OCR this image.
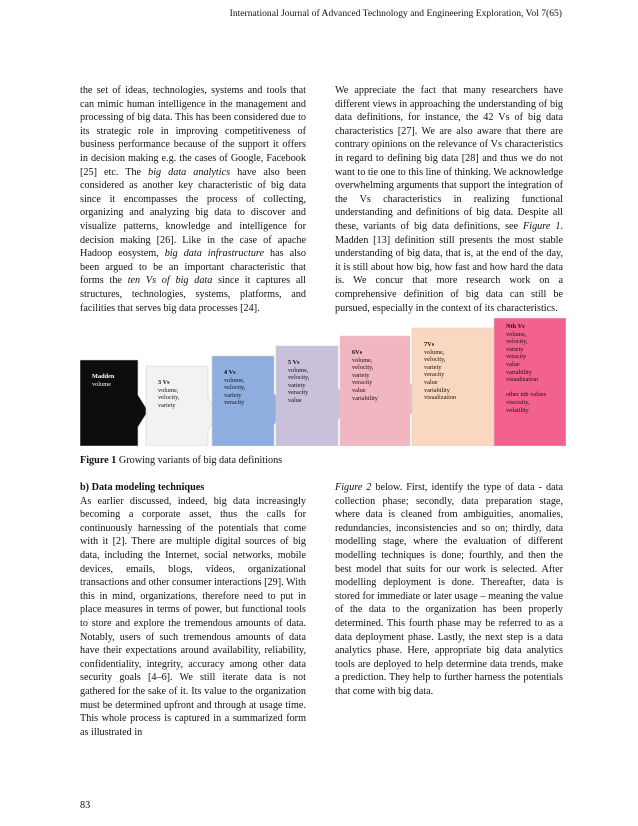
International Journal of Advanced Technology and Engineering Exploration, Vol 7(65)

the set of ideas, technologies, systems and tools that can mimic human intelligence in the management and processing of big data. This has been considered due to its strategic role in improving competitiveness of business performance because of the support it offers in decision making e.g. the cases of Google, Facebook [25] etc. The big data analytics have also been considered as another key characteristic of big data since it encompasses the process of collecting, organizing and analyzing big data to discover and visualize patterns, knowledge and intelligence for decision making [26]. Like in the case of apache Hadoop eosystem, big data infrastructure has also been argued to be an important characteristic that forms the ten Vs of big data since it captures all structures, technologies, systems, platforms, and facilities that serves big data processes [24].

We appreciate the fact that many researchers have different views in approaching the understanding of big data definitions, for instance, the 42 Vs of big data characteristics [27]. We are also aware that there are contrary opinions on the relevance of Vs characteristics in regard to defining big data [28] and thus we do not want to tie one to this line of thinking. We acknowledge overwhelming arguments that support the integration of the Vs characteristics in realizing functional understanding and definitions of big data. Despite all these, variants of big data definitions, see Figure 1. Madden [13] definition still presents the most stable understanding of big data, that is, at the end of the day, it is still about how big, how fast and how hard the data is. We concur that more research work on a comprehensive definition of big data can still be pursued, especially in the context of its characteristics.

Madden
volume	3 Vs
volume,
velocity,
variety
4 Vs
volume,
velocity,
variety
veracity
5 Vs
volume,
velocity,
variety
veracity
value
6Vs
volume,
velocity,
variety
veracity
value
variability
7Vs
volume,
velocity,
variety
veracity
value
variability
visualization
Nth Vs
volume,
velocity,
variety
veracity
value
variability
visualization
other nth values
viscosity,
volatility
Figure 1 Growing variants of big data definitions

b) Data modeling techniques

As earlier discussed, indeed, big data increasingly becoming a corporate asset, thus the calls for continuously harnessing of the potentials that come with it [2]. There are multiple digital sources of big data, including the Internet, social networks, mobile devices, emails, blogs, videos, organizational transactions and other consumer interactions [29]. With this in mind, organizations, therefore need to put in place measures in terms of power, but functional tools to store and explore the tremendous amounts of data. Notably, users of such tremendous amounts of data have their expectations around availability, reliability, confidentiality, integrity, accuracy among other data security goals [4–6]. We still iterate data is not gathered for the sake of it. Its value to the organization must be determined upfront and through at usage time. This whole process is captured in a summarized form as illustrated in

Figure 2 below. First, identify the type of data - data collection phase; secondly, data preparation stage, where data is cleaned from ambiguities, anomalies, redundancies, inconsistencies and so on; thirdly, data modelling stage, where the evaluation of different modelling techniques is done; fourthly, and then the best model that suits for our work is selected. After modelling deployment is done. Thereafter, data is stored for immediate or later usage – meaning the value of the data to the organization has been properly determined. This fourth phase may be referred to as a data deployment phase. Lastly, the next step is a data analytics phase. Here, appropriate big data analytics tools are deployed to help determine data trends, make a prediction. They help to further harness the potentials that come with big data.

83
